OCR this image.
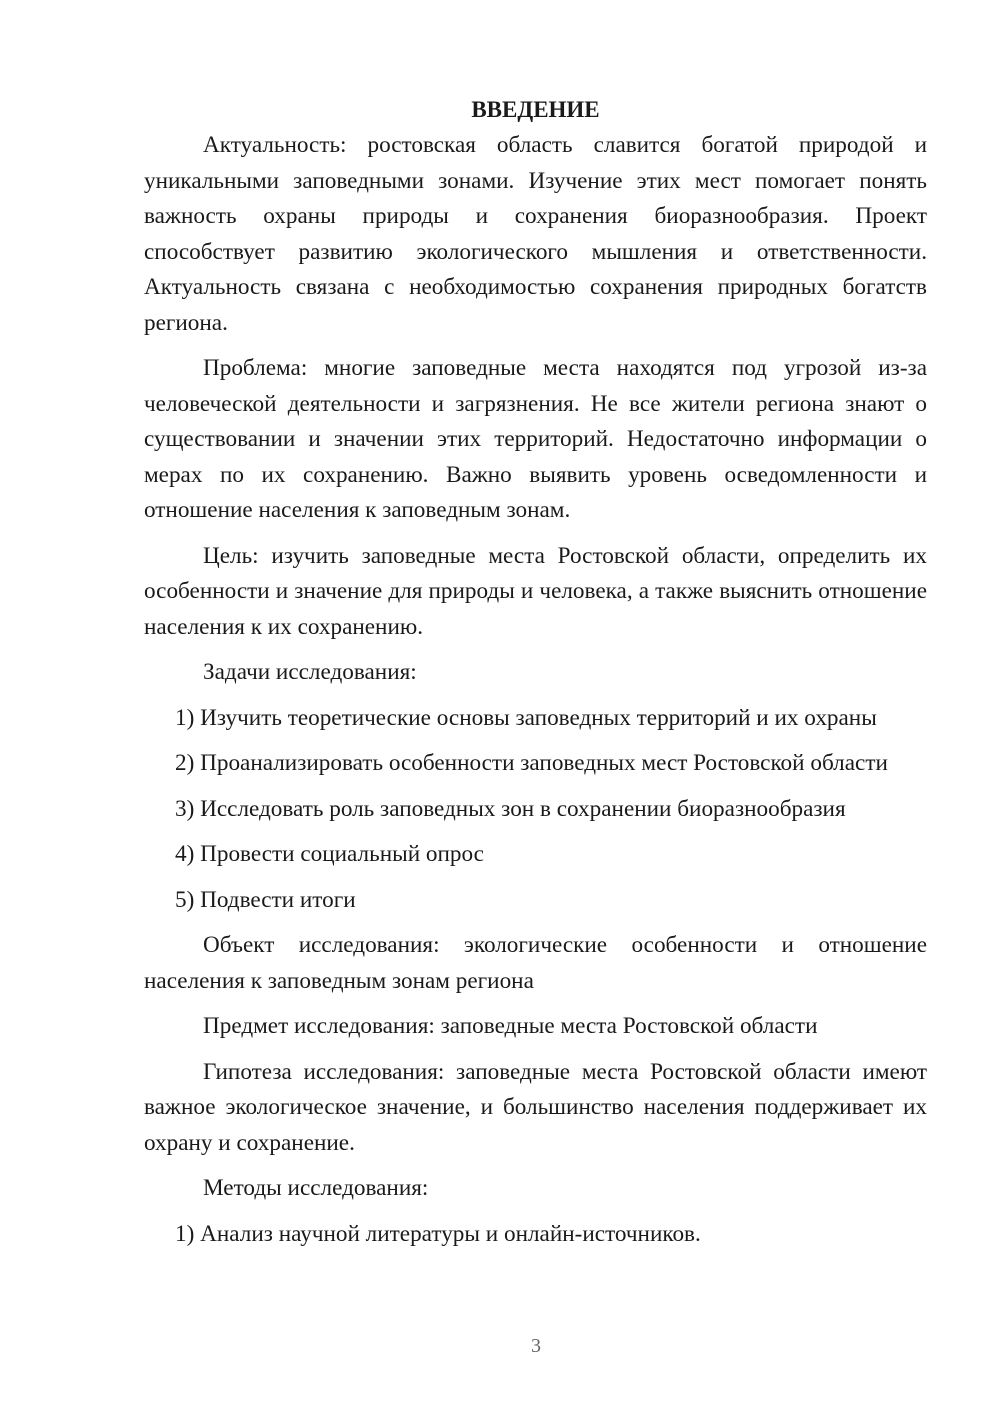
ВВЕДЕНИЕ

Актуальность: ростовская область славится богатой природой и уникальными заповедными зонами. Изучение этих мест помогает понять важность охраны природы и сохранения биоразнообразия. Проект способствует развитию экологического мышления и ответственности. Актуальность связана с необходимостью сохранения природных богатств региона.

Проблема: многие заповедные места находятся под угрозой из-за человеческой деятельности и загрязнения. Не все жители региона знают о существовании и значении этих территорий. Недостаточно информации о мерах по их сохранению. Важно выявить уровень осведомленности и отношение населения к заповедным зонам.

Цель: изучить заповедные места Ростовской области, определить их особенности и значение для природы и человека, а также выяснить отношение населения к их сохранению.

Задачи исследования:

1) Изучить теоретические основы заповедных территорий и их охраны

2) Проанализировать особенности заповедных мест Ростовской области

3) Исследовать роль заповедных зон в сохранении биоразнообразия

4) Провести социальный опрос

5) Подвести итоги

Объект исследования: экологические особенности и отношение населения к заповедным зонам региона

Предмет исследования: заповедные места Ростовской области

Гипотеза исследования: заповедные места Ростовской области имеют важное экологическое значение, и большинство населения поддерживает их охрану и сохранение.

Методы исследования:

1) Анализ научной литературы и онлайн-источников.

3
